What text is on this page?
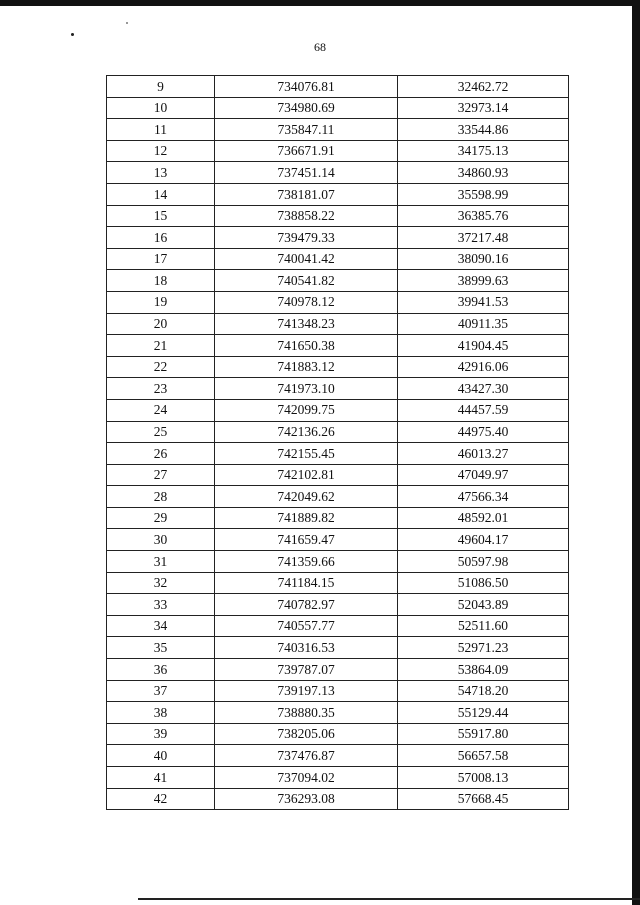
68
9	734076.81	32462.72
10	734980.69	32973.14
11	735847.11	33544.86
12	736671.91	34175.13
13	737451.14	34860.93
14	738181.07	35598.99
15	738858.22	36385.76
16	739479.33	37217.48
17	740041.42	38090.16
18	740541.82	38999.63
19	740978.12	39941.53
20	741348.23	40911.35
21	741650.38	41904.45
22	741883.12	42916.06
23	741973.10	43427.30
24	742099.75	44457.59
25	742136.26	44975.40
26	742155.45	46013.27
27	742102.81	47049.97
28	742049.62	47566.34
29	741889.82	48592.01
30	741659.47	49604.17
31	741359.66	50597.98
32	741184.15	51086.50
33	740782.97	52043.89
34	740557.77	52511.60
35	740316.53	52971.23
36	739787.07	53864.09
37	739197.13	54718.20
38	738880.35	55129.44
39	738205.06	55917.80
40	737476.87	56657.58
41	737094.02	57008.13
42	736293.08	57668.45
